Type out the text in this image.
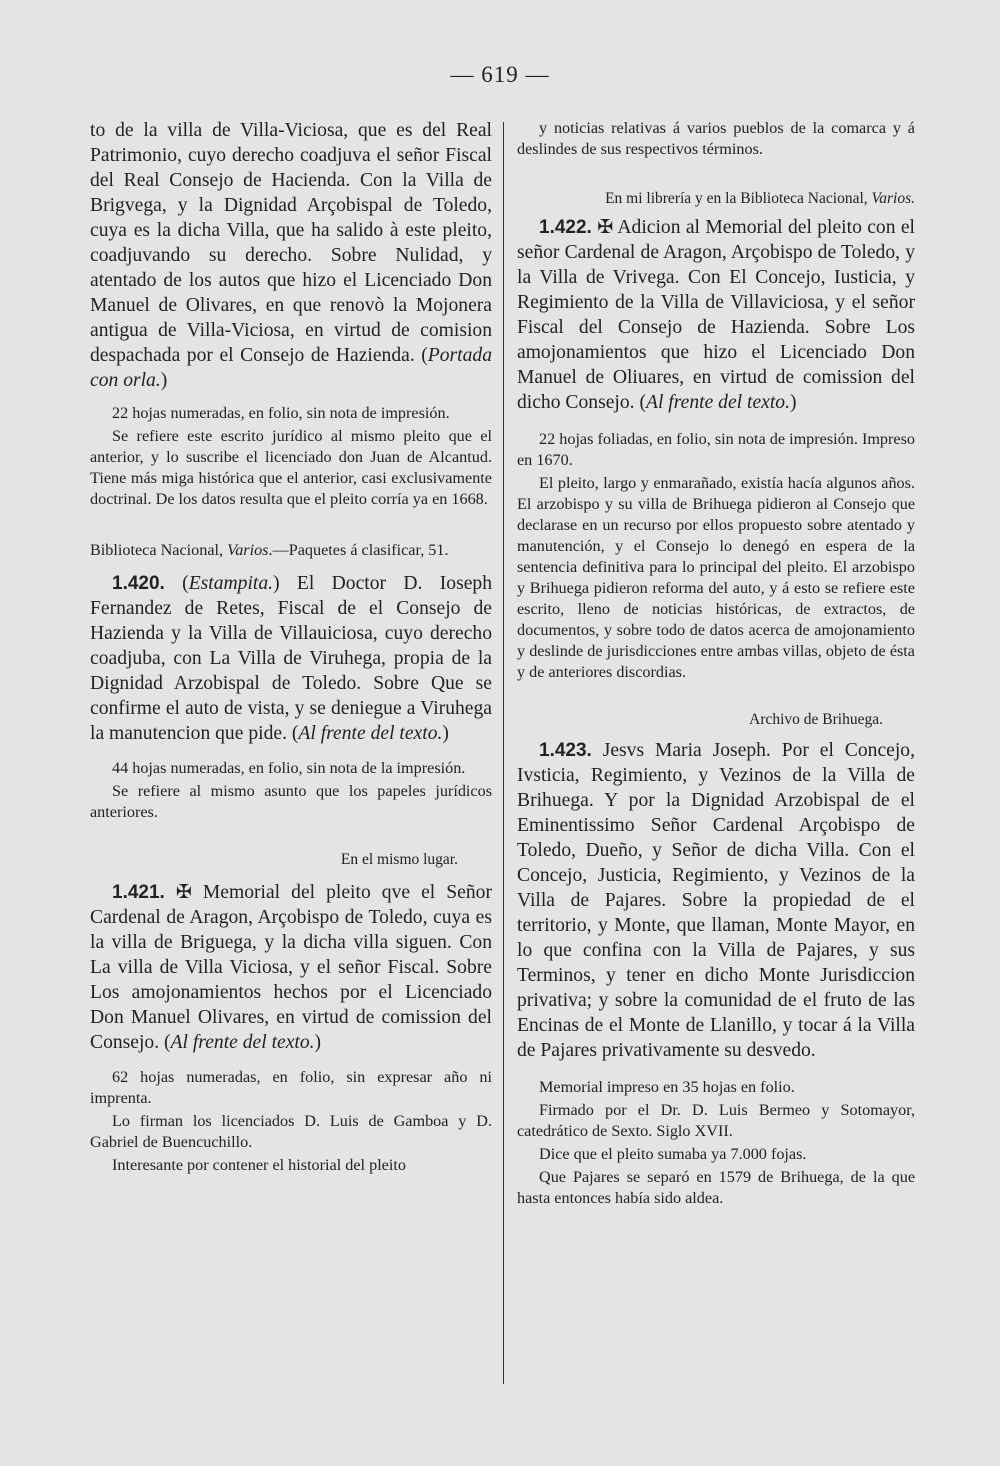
— 619 —

to de la villa de Villa-Viciosa, que es del Real Patrimonio, cuyo derecho coadjuva el señor Fiscal del Real Consejo de Hacienda. Con la Villa de Brigvega, y la Dignidad Arçobispal de Toledo, cuya es la dicha Villa, que ha salido à este pleito, coadjuvando su derecho. Sobre Nulidad, y atentado de los autos que hizo el Licenciado Don Manuel de Olivares, en que renovò la Mojonera antigua de Villa-Viciosa, en virtud de comision despachada por el Consejo de Hazienda. (Portada con orla.)

22 hojas numeradas, en folio, sin nota de impresión.

Se refiere este escrito jurídico al mismo pleito que el anterior, y lo suscribe el licenciado don Juan de Alcantud. Tiene más miga histórica que el anterior, casi exclusivamente doctrinal. De los datos resulta que el pleito corría ya en 1668.

Biblioteca Nacional, Varios.—Paquetes á clasificar, 51.

1.420. (Estampita.) El Doctor D. Ioseph Fernandez de Retes, Fiscal de el Consejo de Hazienda y la Villa de Villauiciosa, cuyo derecho coadjuba, con La Villa de Viruhega, propia de la Dignidad Arzobispal de Toledo. Sobre Que se confirme el auto de vista, y se deniegue a Viruhega la manutencion que pide. (Al frente del texto.)

44 hojas numeradas, en folio, sin nota de la impresión.

Se refiere al mismo asunto que los papeles jurídicos anteriores.

En el mismo lugar.

1.421. ✠ Memorial del pleito qve el Señor Cardenal de Aragon, Arçobispo de Toledo, cuya es la villa de Briguega, y la dicha villa siguen. Con La villa de Villa Viciosa, y el señor Fiscal. Sobre Los amojonamientos hechos por el Licenciado Don Manuel Olivares, en virtud de comission del Consejo. (Al frente del texto.)

62 hojas numeradas, en folio, sin expresar año ni imprenta.

Lo firman los licenciados D. Luis de Gamboa y D. Gabriel de Buencuchillo.

Interesante por contener el historial del pleito

y noticias relativas á varios pueblos de la comarca y á deslindes de sus respectivos términos.

En mi librería y en la Biblioteca Nacional, Varios.

1.422. ✠ Adicion al Memorial del pleito con el señor Cardenal de Aragon, Arçobispo de Toledo, y la Villa de Vrivega. Con El Concejo, Iusticia, y Regimiento de la Villa de Villaviciosa, y el señor Fiscal del Consejo de Hazienda. Sobre Los amojonamientos que hizo el Licenciado Don Manuel de Oliuares, en virtud de comission del dicho Consejo. (Al frente del texto.)

22 hojas foliadas, en folio, sin nota de impresión. Impreso en 1670.

El pleito, largo y enmarañado, existía hacía algunos años. El arzobispo y su villa de Brihuega pidieron al Consejo que declarase en un recurso por ellos propuesto sobre atentado y manutención, y el Consejo lo denegó en espera de la sentencia definitiva para lo principal del pleito. El arzobispo y Brihuega pidieron reforma del auto, y á esto se refiere este escrito, lleno de noticias históricas, de extractos, de documentos, y sobre todo de datos acerca de amojonamiento y deslinde de jurisdicciones entre ambas villas, objeto de ésta y de anteriores discordias.

Archivo de Brihuega.

1.423. Jesvs Maria Joseph. Por el Concejo, Ivsticia, Regimiento, y Vezinos de la Villa de Brihuega. Y por la Dignidad Arzobispal de el Eminentissimo Señor Cardenal Arçobispo de Toledo, Dueño, y Señor de dicha Villa. Con el Concejo, Justicia, Regimiento, y Vezinos de la Villa de Pajares. Sobre la propiedad de el territorio, y Monte, que llaman, Monte Mayor, en lo que confina con la Villa de Pajares, y sus Terminos, y tener en dicho Monte Jurisdiccion privativa; y sobre la comunidad de el fruto de las Encinas de el Monte de Llanillo, y tocar á la Villa de Pajares privativamente su desvedo.

Memorial impreso en 35 hojas en folio.

Firmado por el Dr. D. Luis Bermeo y Sotomayor, catedrático de Sexto. Siglo XVII.

Dice que el pleito sumaba ya 7.000 fojas.

Que Pajares se separó en 1579 de Brihuega, de la que hasta entonces había sido aldea.
